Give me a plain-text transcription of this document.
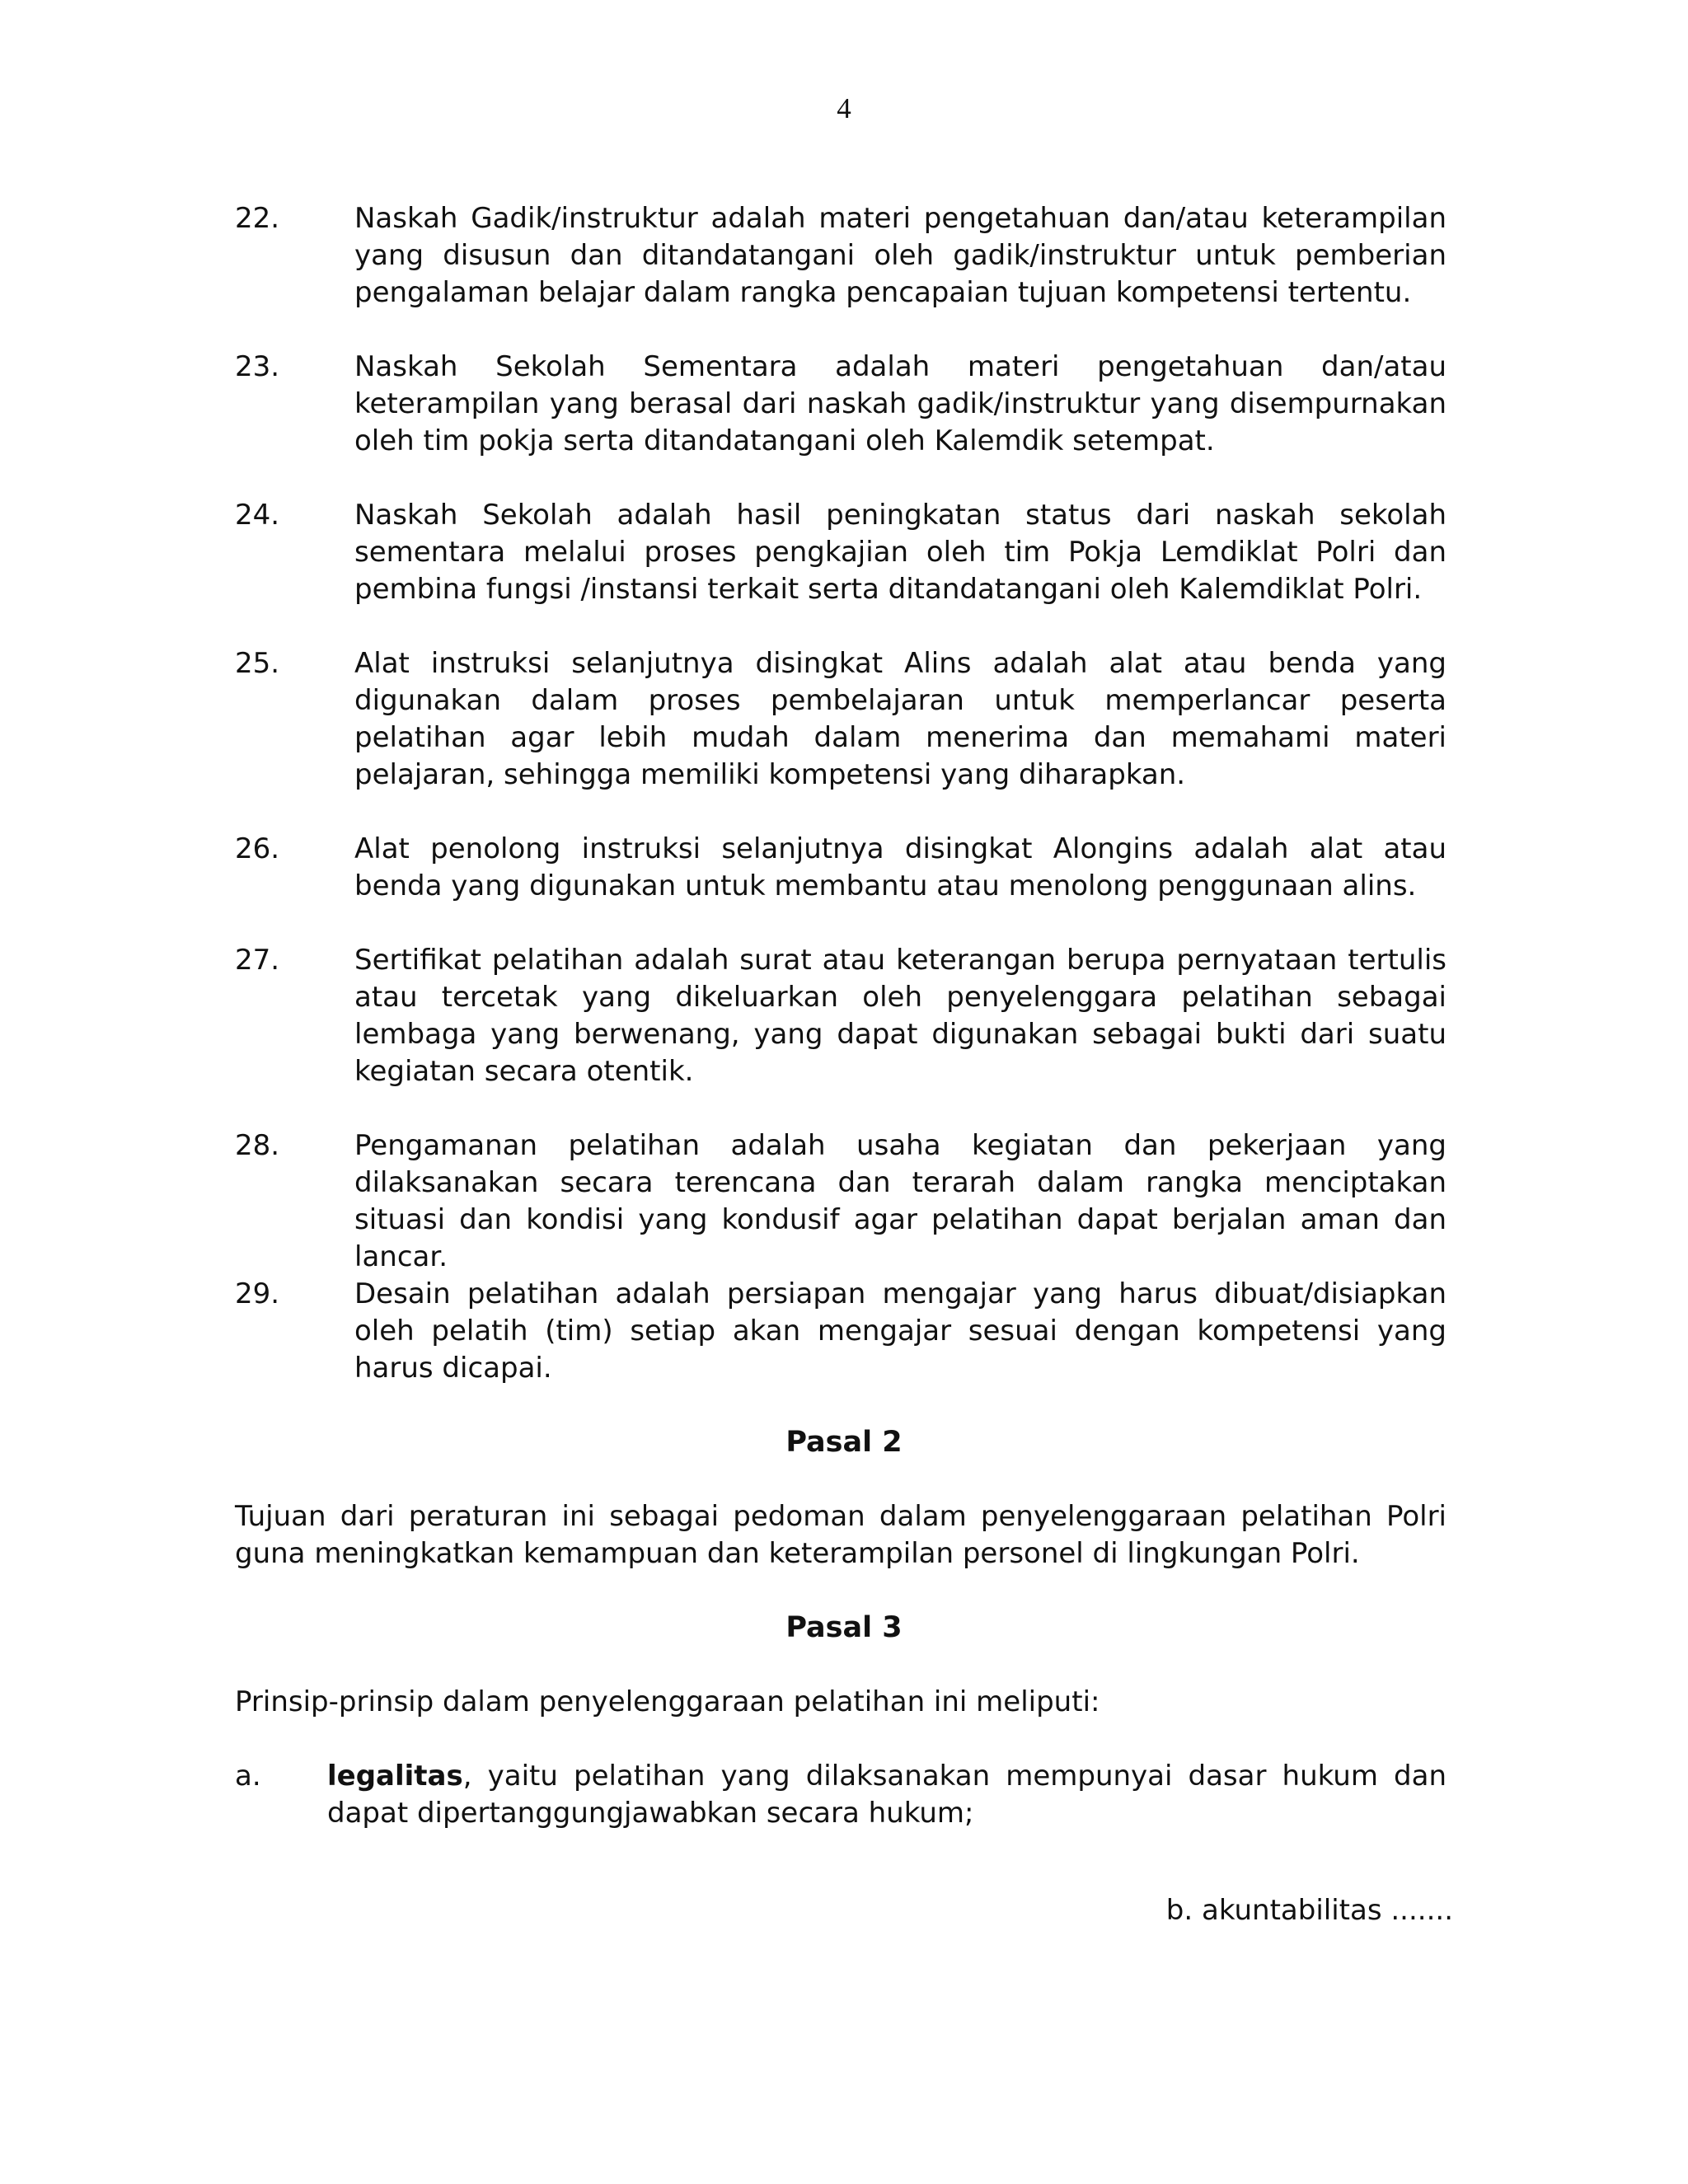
4
22.	Naskah Gadik/instruktur adalah materi pengetahuan dan/atau keterampilan yang disusun dan ditandatangani oleh gadik/instruktur untuk pemberian pengalaman belajar dalam rangka pencapaian tujuan kompetensi tertentu.
23.	Naskah Sekolah Sementara adalah materi pengetahuan dan/atau keterampilan yang berasal dari naskah gadik/instruktur yang disempurnakan oleh tim pokja serta ditandatangani oleh Kalemdik setempat.
24.	Naskah Sekolah adalah hasil peningkatan status dari naskah sekolah sementara melalui proses pengkajian oleh tim Pokja Lemdiklat Polri dan pembina fungsi /instansi terkait serta ditandatangani oleh Kalemdiklat Polri.
25.	Alat instruksi selanjutnya disingkat Alins adalah alat atau benda yang digunakan dalam proses pembelajaran untuk memperlancar peserta pelatihan agar lebih mudah dalam menerima dan memahami materi pelajaran, sehingga memiliki kompetensi yang diharapkan.
26.	Alat penolong instruksi selanjutnya disingkat Alongins adalah alat atau benda yang digunakan untuk membantu atau menolong penggunaan alins.
27.	Sertifikat pelatihan adalah surat atau keterangan berupa pernyataan tertulis atau tercetak yang dikeluarkan oleh penyelenggara pelatihan sebagai lembaga yang berwenang, yang dapat digunakan sebagai bukti dari suatu kegiatan secara otentik.
28.	Pengamanan pelatihan adalah usaha kegiatan dan pekerjaan yang dilaksanakan secara terencana dan terarah dalam rangka menciptakan situasi dan kondisi yang kondusif agar pelatihan dapat berjalan aman dan lancar.
29.	Desain pelatihan adalah persiapan mengajar yang harus dibuat/disiapkan oleh pelatih (tim) setiap akan mengajar sesuai dengan kompetensi yang harus dicapai.
Pasal 2
Tujuan dari peraturan ini sebagai pedoman dalam penyelenggaraan pelatihan Polri guna meningkatkan kemampuan dan keterampilan personel di lingkungan Polri.
Pasal 3
Prinsip-prinsip dalam penyelenggaraan pelatihan ini meliputi:
a. legalitas, yaitu pelatihan yang dilaksanakan mempunyai dasar hukum dan dapat dipertanggungjawabkan secara hukum;
b. akuntabilitas .......
